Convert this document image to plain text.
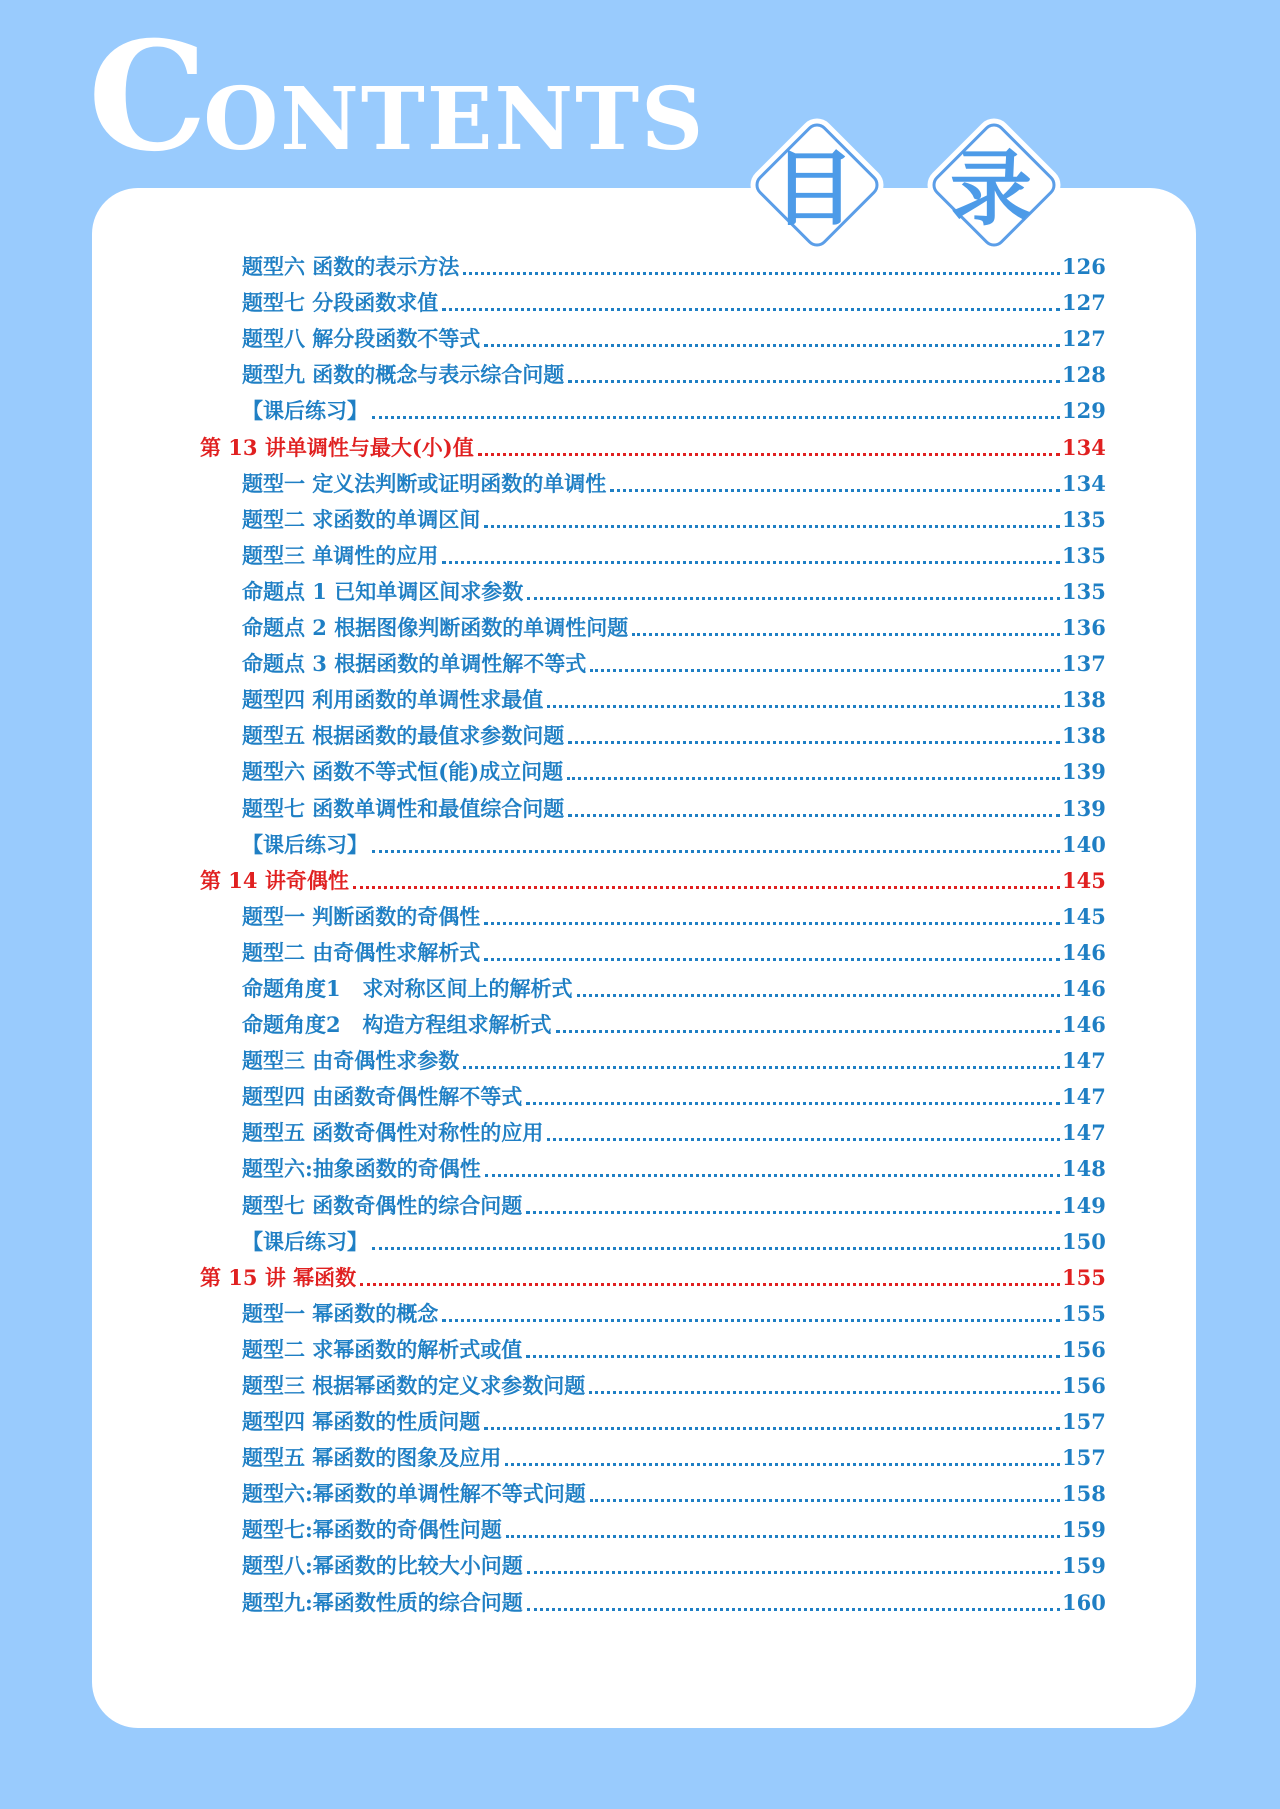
CONTENTS
目	录
题型六 函数的表示方法	126
题型七 分段函数求值	127
题型八 解分段函数不等式	127
题型九 函数的概念与表示综合问题	128
【课后练习】	129
第 13 讲单调性与最大(小)值	134
题型一 定义法判断或证明函数的单调性	134
题型二 求函数的单调区间	135
题型三 单调性的应用	135
命题点 1 已知单调区间求参数	135
命题点 2 根据图像判断函数的单调性问题	136
命题点 3 根据函数的单调性解不等式	137
题型四 利用函数的单调性求最值	138
题型五 根据函数的最值求参数问题	138
题型六 函数不等式恒(能)成立问题	139
题型七 函数单调性和最值综合问题	139
【课后练习】	140
第 14 讲奇偶性	145
题型一 判断函数的奇偶性	145
题型二 由奇偶性求解析式	146
命题角度1   求对称区间上的解析式	146
命题角度2   构造方程组求解析式	146
题型三 由奇偶性求参数	147
题型四 由函数奇偶性解不等式	147
题型五 函数奇偶性对称性的应用	147
题型六:抽象函数的奇偶性	148
题型七 函数奇偶性的综合问题	149
【课后练习】	150
第 15 讲 幂函数	155
题型一 幂函数的概念	155
题型二 求幂函数的解析式或值	156
题型三 根据幂函数的定义求参数问题	156
题型四 幂函数的性质问题	157
题型五 幂函数的图象及应用	157
题型六:幂函数的单调性解不等式问题	158
题型七:幂函数的奇偶性问题	159
题型八:幂函数的比较大小问题	159
题型九:幂函数性质的综合问题	160
